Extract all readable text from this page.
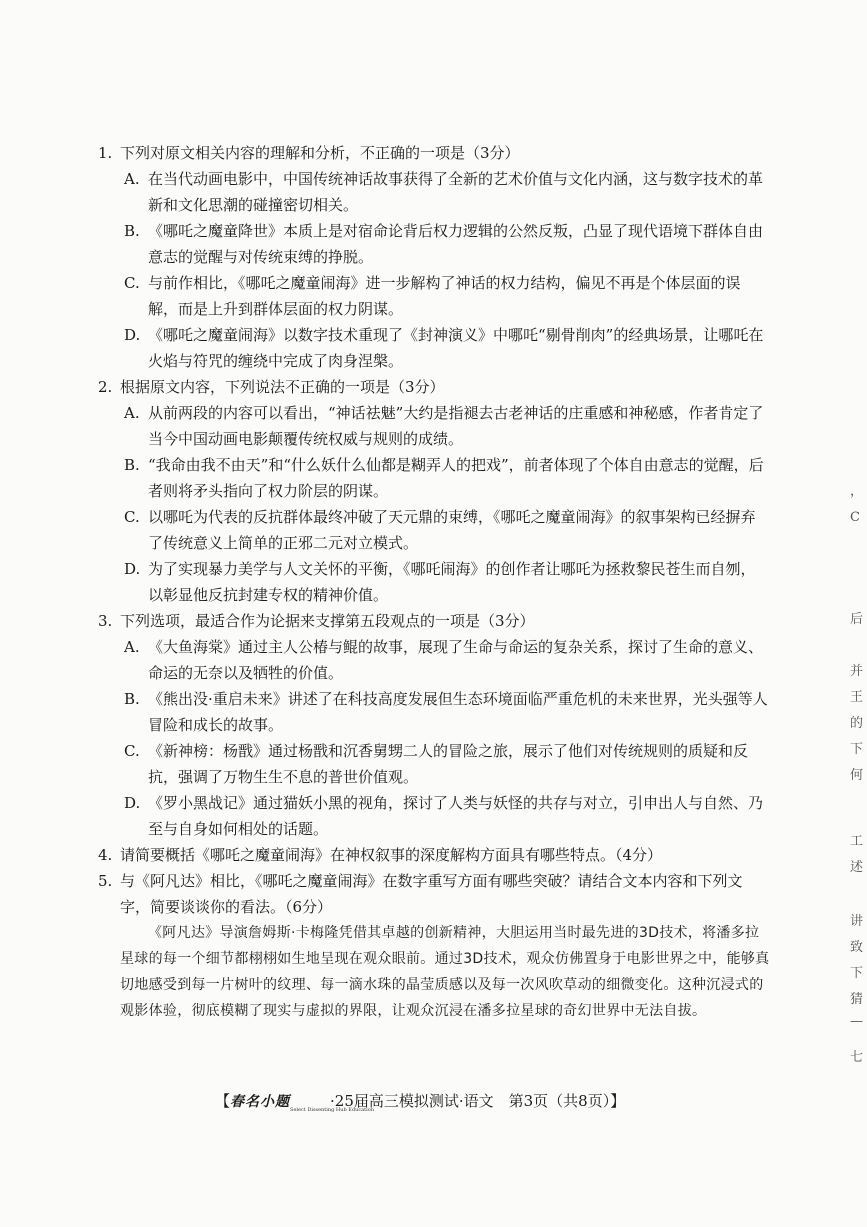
1. 下列对原文相关内容的理解和分析，不正确的一项是（3分）

A. 在当代动画电影中，中国传统神话故事获得了全新的艺术价值与文化内涵，这与数字技术的革新和文化思潮的碰撞密切相关。
B. 《哪吒之魔童降世》本质上是对宿命论背后权力逻辑的公然反叛，凸显了现代语境下群体自由意志的觉醒与对传统束缚的挣脱。
C. 与前作相比，《哪吒之魔童闹海》进一步解构了神话的权力结构，偏见不再是个体层面的误解，而是上升到群体层面的权力阴谋。
D. 《哪吒之魔童闹海》以数字技术重现了《封神演义》中哪吒“剔骨削肉”的经典场景，让哪吒在火焰与符咒的缠绕中完成了肉身涅槃。
2. 根据原文内容，下列说法不正确的一项是（3分）

A. 从前两段的内容可以看出，“神话祛魅”大约是指褪去古老神话的庄重感和神秘感，作者肯定了当今中国动画电影颠覆传统权威与规则的成绩。
B. “我命由我不由天”和“什么妖什么仙都是糊弄人的把戏”，前者体现了个体自由意志的觉醒，后者则将矛头指向了权力阶层的阴谋。
C. 以哪吒为代表的反抗群体最终冲破了天元鼎的束缚，《哪吒之魔童闹海》的叙事架构已经摒弃了传统意义上简单的正邪二元对立模式。
D. 为了实现暴力美学与人文关怀的平衡，《哪吒闹海》的创作者让哪吒为拯救黎民苍生而自刎，以彰显他反抗封建专权的精神价值。
3. 下列选项，最适合作为论据来支撑第五段观点的一项是（3分）

A. 《大鱼海棠》通过主人公椿与鲲的故事，展现了生命与命运的复杂关系，探讨了生命的意义、命运的无奈以及牺牲的价值。
B. 《熊出没·重启未来》讲述了在科技高度发展但生态环境面临严重危机的未来世界，光头强等人冒险和成长的故事。
C. 《新神榜：杨戬》通过杨戬和沉香舅甥二人的冒险之旅，展示了他们对传统规则的质疑和反抗，强调了万物生生不息的普世价值观。
D. 《罗小黑战记》通过猫妖小黑的视角，探讨了人类与妖怪的共存与对立，引申出人与自然、乃至与自身如何相处的话题。
4. 请简要概括《哪吒之魔童闹海》在神权叙事的深度解构方面具有哪些特点。（4分）

5. 与《阿凡达》相比，《哪吒之魔童闹海》在数字重写方面有哪些突破？请结合文本内容和下列文字，简要谈谈你的看法。（6分）

《阿凡达》导演詹姆斯·卡梅隆凭借其卓越的创新精神，大胆运用当时最先进的3D技术，将潘多拉星球的每一个细节都栩栩如生地呈现在观众眼前。通过3D技术，观众仿佛置身于电影世界之中，能够真切地感受到每一片树叶的纹理、每一滴水珠的晶莹质感以及每一次风吹草动的细微变化。这种沉浸式的观影体验，彻底模糊了现实与虚拟的界限，让观众沉浸在潘多拉星球的奇幻世界中无法自拔。
【春名小题Select Dissenting Hub Education·25届高三模拟测试·语文　第3页（共8页）】
，
C
后
并
王
的
下
何
工
述
讲
致
下
猜
—
七
